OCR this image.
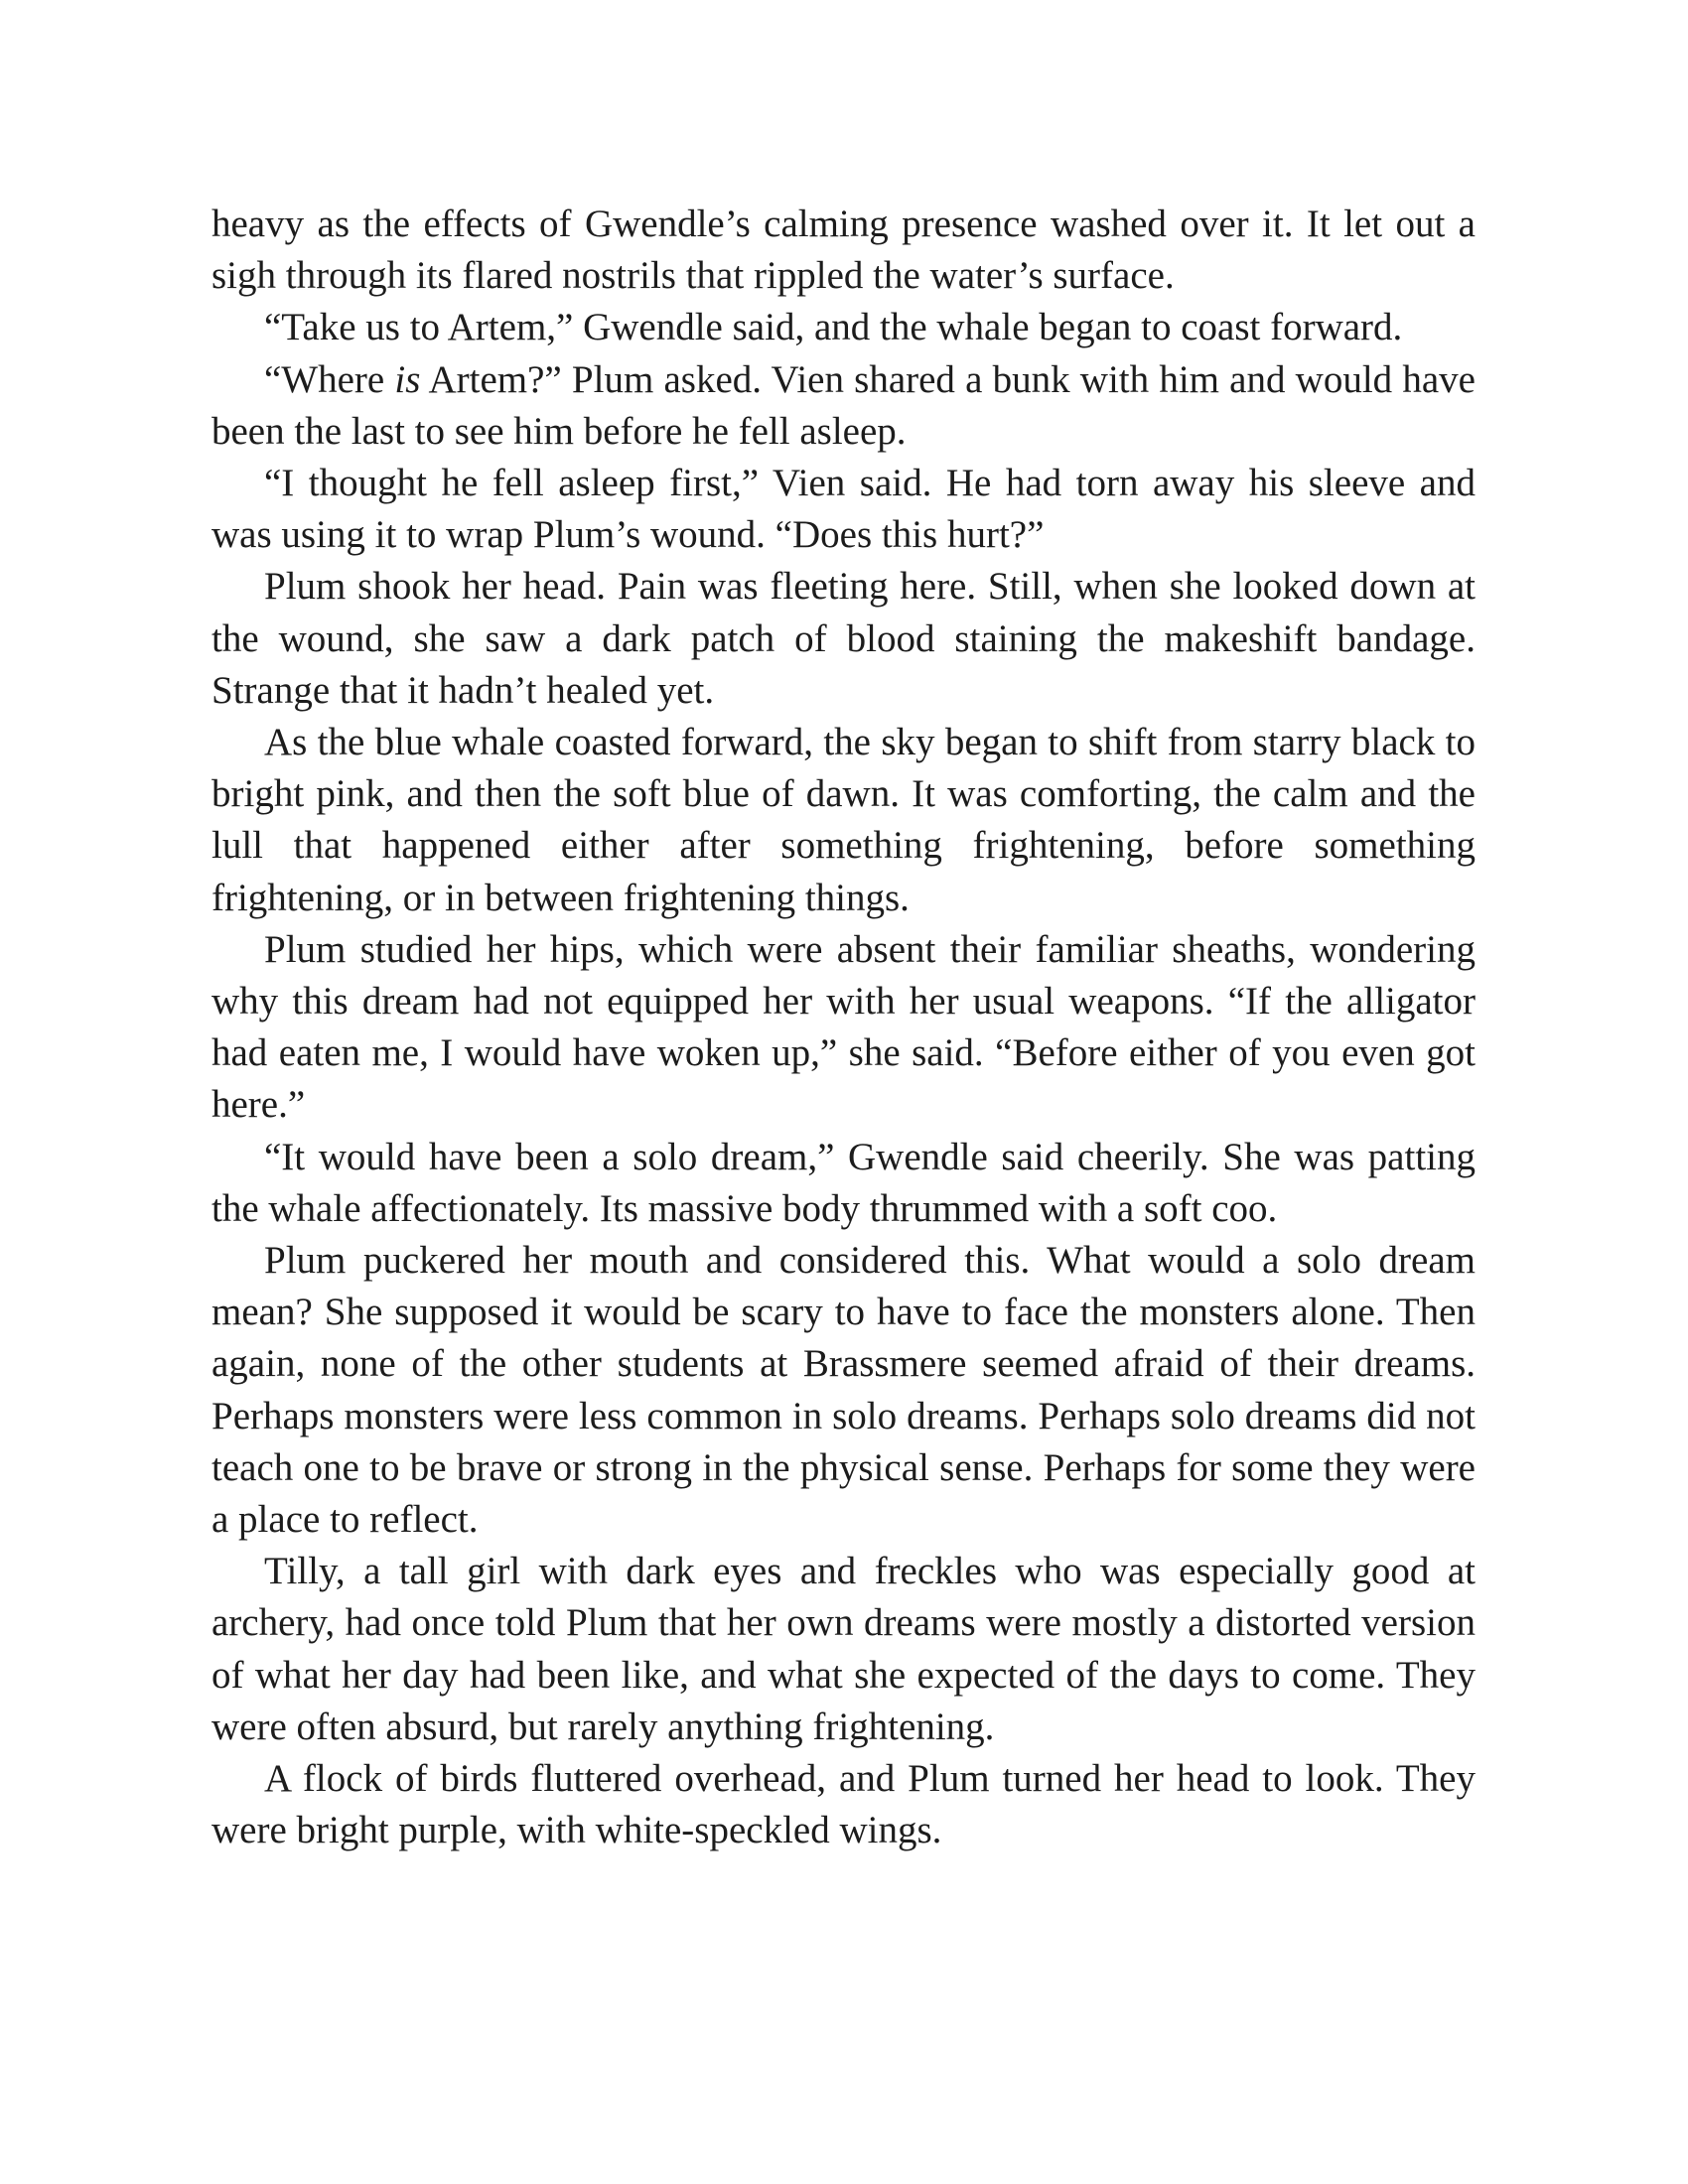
heavy as the effects of Gwendle’s calming presence washed over it. It let out a sigh through its flared nostrils that rippled the water’s surface.

“Take us to Artem,” Gwendle said, and the whale began to coast forward.

“Where is Artem?” Plum asked. Vien shared a bunk with him and would have been the last to see him before he fell asleep.

“I thought he fell asleep first,” Vien said. He had torn away his sleeve and was using it to wrap Plum’s wound. “Does this hurt?”

Plum shook her head. Pain was fleeting here. Still, when she looked down at the wound, she saw a dark patch of blood staining the makeshift bandage. Strange that it hadn’t healed yet.

As the blue whale coasted forward, the sky began to shift from starry black to bright pink, and then the soft blue of dawn. It was comforting, the calm and the lull that happened either after something frightening, before something frightening, or in between frightening things.

Plum studied her hips, which were absent their familiar sheaths, wondering why this dream had not equipped her with her usual weapons. “If the alligator had eaten me, I would have woken up,” she said. “Before either of you even got here.”

“It would have been a solo dream,” Gwendle said cheerily. She was patting the whale affectionately. Its massive body thrummed with a soft coo.

Plum puckered her mouth and considered this. What would a solo dream mean? She supposed it would be scary to have to face the monsters alone. Then again, none of the other students at Brassmere seemed afraid of their dreams. Perhaps monsters were less common in solo dreams. Perhaps solo dreams did not teach one to be brave or strong in the physical sense. Perhaps for some they were a place to reflect.

Tilly, a tall girl with dark eyes and freckles who was especially good at archery, had once told Plum that her own dreams were mostly a distorted version of what her day had been like, and what she expected of the days to come. They were often absurd, but rarely anything frightening.

A flock of birds fluttered overhead, and Plum turned her head to look. They were bright purple, with white-speckled wings.
